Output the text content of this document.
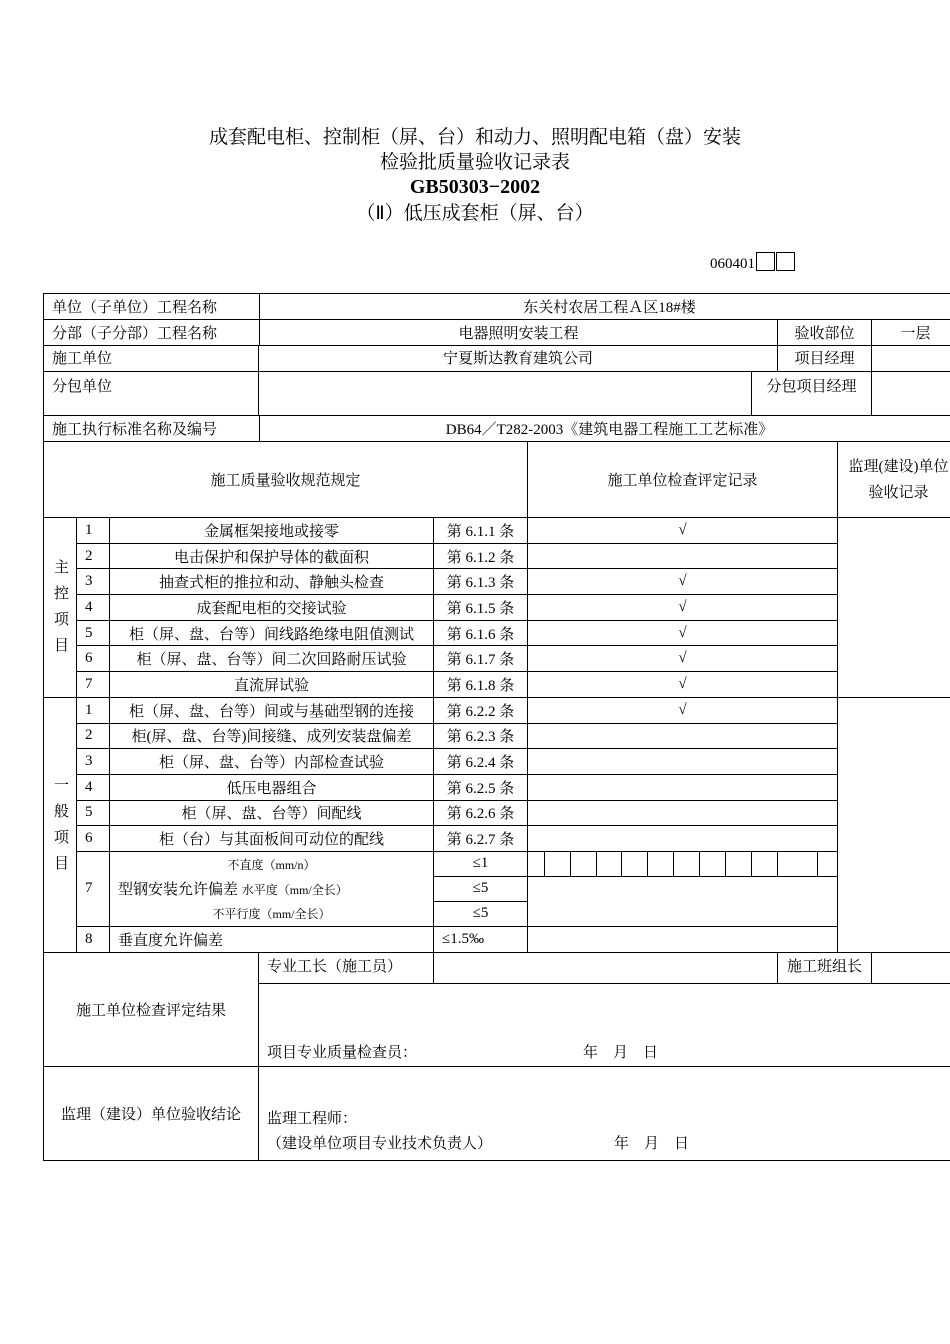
成套配电柜、控制柜（屏、台）和动力、照明配电箱（盘）安装
检验批质量验收记录表
GB50303−2002
（Ⅱ）低压成套柜（屏、台）
060401
单位（子单位）工程名称			东关村农居工程Ａ区18#楼															
分部（子分部）工程名称			电器照明安装工程												验收部位			一层
施工单位			宁夏斯达教育建筑公司												项目经理			
分包单位														分包项目经理				
施工执行标准名称及编号			DB64／T282-2003《建筑电器工程施工工艺标准》															
施工质量验收规范规定					施工单位检查评定记录												监理(建设)单位验收记录	
主控项目	1	金属框架接地或接零		第 6.1.1 条	√													
	2	电击保护和保护导体的截面积		第 6.1.2 条														
	3	抽查式柜的推拉和动、静触头检查		第 6.1.3 条	√													
	4	成套配电柜的交接试验		第 6.1.5 条	√													
	5	柜（屏、盘、台等）间线路绝缘电阻值测试		第 6.1.6 条	√													
	6	柜（屏、盘、台等）间二次回路耐压试验		第 6.1.7 条	√													
	7	直流屏试验		第 6.1.8 条	√													
一般项目	1	柜（屏、盘、台等）间或与基础型钢的连接		第 6.2.2 条	√													
	2	柜(屏、盘、台等)间接缝、成列安装盘偏差		第 6.2.3 条														
	3	柜（屏、盘、台等）内部检查试验		第 6.2.4 条														
	4	低压电器组合		第 6.2.5 条														
	5	柜（屏、盘、台等）间配线		第 6.2.6 条														
	6	柜（台）与其面板间可动位的配线		第 6.2.7 条														
	7	不直度（mm/n）		≤1														
		型钢安装允许偏差 水平度（mm/全长）		≤5														
		不平行度（mm/全长）		≤5														
	8	垂直度允许偏差		≤1.5‰														
施工单位检查评定结果			专业工长（施工员）												施工班组长			
			项目专业质量检查员： 年　月　日															
监理（建设）单位验收结论			监理工程师：
（建设单位项目专业技术负责人） 年　月　日															
